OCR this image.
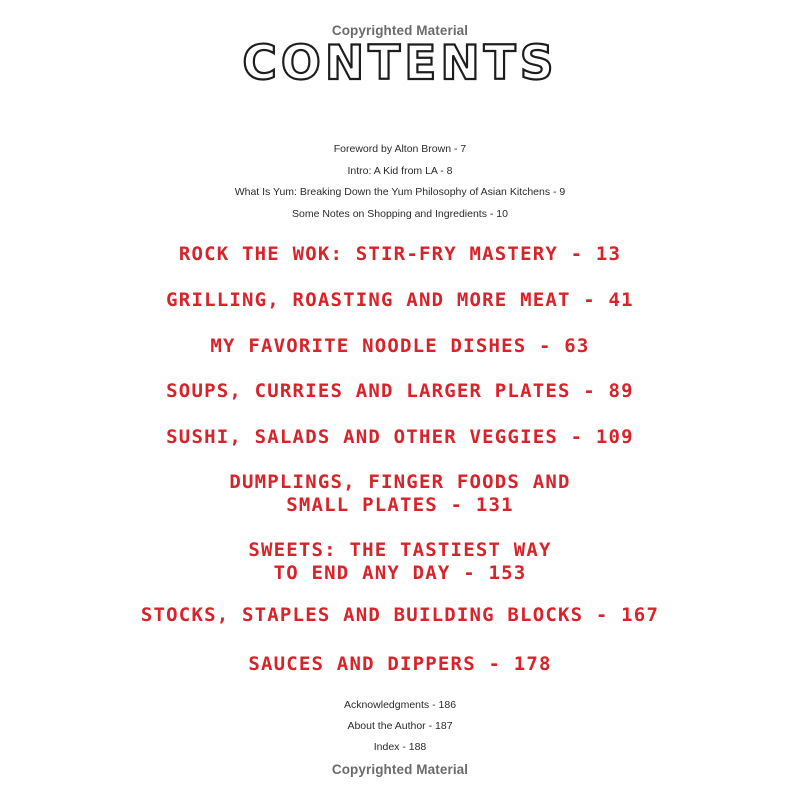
Copyrighted Material
CONTENTS
Foreword by Alton Brown - 7
Intro: A Kid from LA - 8
What Is Yum: Breaking Down the Yum Philosophy of Asian Kitchens - 9
Some Notes on Shopping and Ingredients - 10
ROCK THE WOK: STIR-FRY MASTERY - 13
GRILLING, ROASTING AND MORE MEAT - 41
MY FAVORITE NOODLE DISHES - 63
SOUPS, CURRIES AND LARGER PLATES - 89
SUSHI, SALADS AND OTHER VEGGIES - 109
DUMPLINGS, FINGER FOODS AND
SMALL PLATES - 131
SWEETS: THE TASTIEST WAY
TO END ANY DAY - 153
STOCKS, STAPLES AND BUILDING BLOCKS - 167
SAUCES AND DIPPERS - 178
Acknowledgments - 186
About the Author - 187
Index - 188
Copyrighted Material
